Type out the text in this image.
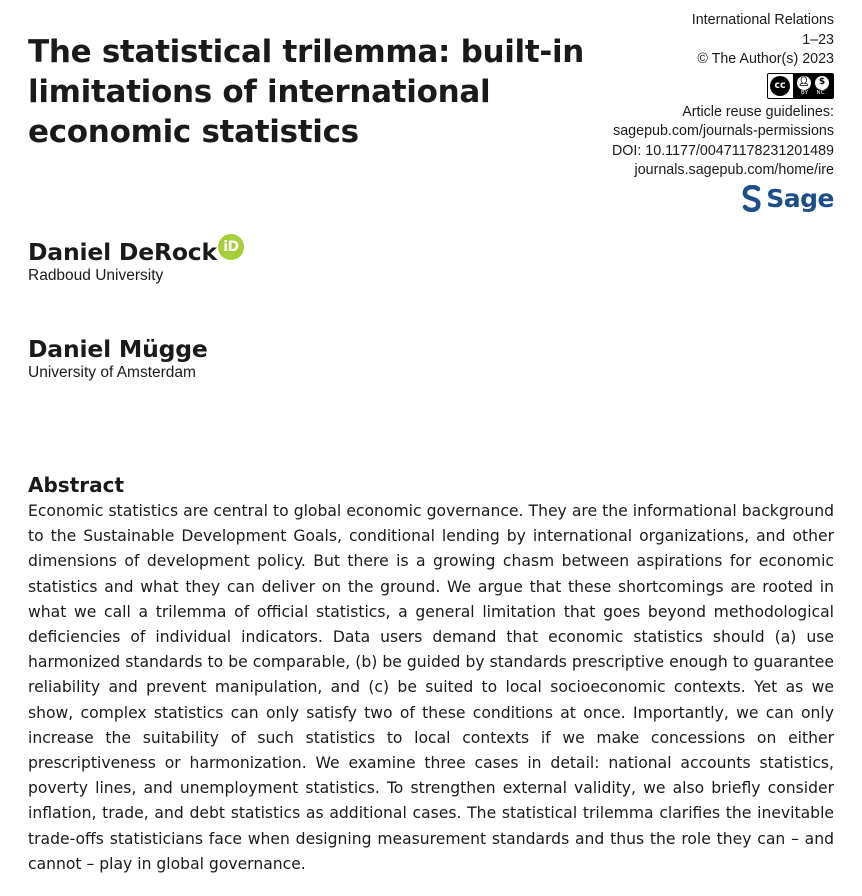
The statistical trilemma: built-in limitations of international economic statistics
International Relations
1–23
© The Author(s) 2023
cc	👤︎	$
BY NC
Article reuse guidelines:
sagepub.com/journals-permissions
DOI: 10.1177/00471178231201489
journals.sagepub.com/home/ire
Sage
Daniel DeRock iD
Radboud University
Daniel Mügge
University of Amsterdam
Abstract

Economic statistics are central to global economic governance. They are the informational background to the Sustainable Development Goals, conditional lending by international organizations, and other dimensions of development policy. But there is a growing chasm between aspirations for economic statistics and what they can deliver on the ground. We argue that these shortcomings are rooted in what we call a trilemma of official statistics, a general limitation that goes beyond methodological deficiencies of individual indicators. Data users demand that economic statistics should (a) use harmonized standards to be comparable, (b) be guided by standards prescriptive enough to guarantee reliability and prevent manipulation, and (c) be suited to local socioeconomic contexts. Yet as we show, complex statistics can only satisfy two of these conditions at once. Importantly, we can only increase the suitability of such statistics to local contexts if we make concessions on either prescriptiveness or harmonization. We examine three cases in detail: national accounts statistics, poverty lines, and unemployment statistics. To strengthen external validity, we also briefly consider inflation, trade, and debt statistics as additional cases. The statistical trilemma clarifies the inevitable trade-offs statisticians face when designing measurement standards and thus the role they can – and cannot – play in global governance.
